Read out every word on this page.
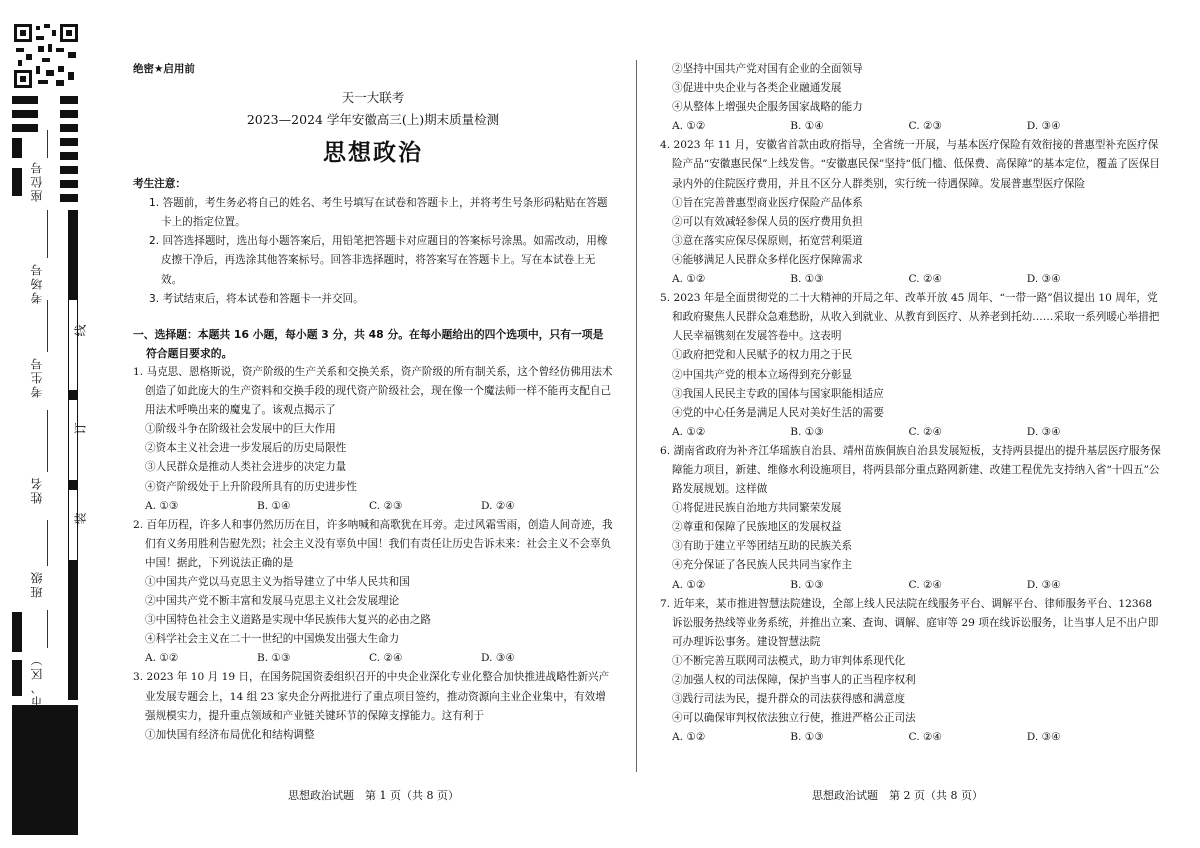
座位号
考场号
考生号
姓名
班级
县（市、区）
线
订
装

绝密★启用前

天一大联考

2023—2024 学年安徽高三(上)期末质量检测

思想政治

考生注意：

1. 答题前，考生务必将自己的姓名、考生号填写在试卷和答题卡上，并将考生号条形码粘贴在答题卡上的指定位置。

2. 回答选择题时，选出每小题答案后，用铅笔把答题卡对应题目的答案标号涂黑。如需改动，用橡皮擦干净后，再选涂其他答案标号。回答非选择题时，将答案写在答题卡上。写在本试卷上无效。

3. 考试结束后，将本试卷和答题卡一并交回。

一、选择题：本题共 16 小题，每小题 3 分，共 48 分。在每小题给出的四个选项中，只有一项是符合题目要求的。

1. 马克思、恩格斯说，资产阶级的生产关系和交换关系，资产阶级的所有制关系，这个曾经仿佛用法术创造了如此庞大的生产资料和交换手段的现代资产阶级社会，现在像一个魔法师一样不能再支配自己用法术呼唤出来的魔鬼了。该观点揭示了

①阶级斗争在阶级社会发展中的巨大作用

②资本主义社会进一步发展后的历史局限性

③人民群众是推动人类社会进步的决定力量

④资产阶级处于上升阶段所具有的历史进步性

A. ①③	B. ①④	C. ②③	D. ②④

2. 百年历程，许多人和事仍然历历在目，许多呐喊和高歌犹在耳旁。走过风霜雪雨，创造人间奇迹，我们有义务用胜利告慰先烈；社会主义没有辜负中国！我们有责任让历史告诉未来：社会主义不会辜负中国！据此，下列说法正确的是

①中国共产党以马克思主义为指导建立了中华人民共和国

②中国共产党不断丰富和发展马克思主义社会发展理论

③中国特色社会主义道路是实现中华民族伟大复兴的必由之路

④科学社会主义在二十一世纪的中国焕发出强大生命力

A. ①②	B. ①③	C. ②④	D. ③④

3. 2023 年 10 月 19 日，在国务院国资委组织召开的中央企业深化专业化整合加快推进战略性新兴产业发展专题会上，14 组 23 家央企分两批进行了重点项目签约，推动资源向主业企业集中，有效增强规模实力，提升重点领域和产业链关键环节的保障支撑能力。这有利于

①加快国有经济布局优化和结构调整

②坚持中国共产党对国有企业的全面领导

③促进中央企业与各类企业融通发展

④从整体上增强央企服务国家战略的能力

A. ①②	B. ①④	C. ②③	D. ③④

4. 2023 年 11 月，安徽省首款由政府指导，全省统一开展，与基本医疗保险有效衔接的普惠型补充医疗保险产品“安徽惠民保”上线发售。“安徽惠民保”坚持“低门槛、低保费、高保障”的基本定位，覆盖了医保目录内外的住院医疗费用，并且不区分人群类别，实行统一待遇保障。发展普惠型医疗保险

①旨在完善普惠型商业医疗保险产品体系

②可以有效减轻参保人员的医疗费用负担

③意在落实应保尽保原则，拓宽营利渠道

④能够满足人民群众多样化医疗保障需求

A. ①②	B. ①③	C. ②④	D. ③④

5. 2023 年是全面贯彻党的二十大精神的开局之年、改革开放 45 周年、“一带一路”倡议提出 10 周年，党和政府聚焦人民群众急难愁盼，从收入到就业、从教育到医疗、从养老到托幼……采取一系列暖心举措把人民幸福镌刻在发展答卷中。这表明

①政府把党和人民赋予的权力用之于民

②中国共产党的根本立场得到充分彰显

③我国人民民主专政的国体与国家职能相适应

④党的中心任务是满足人民对美好生活的需要

A. ①②	B. ①③	C. ②④	D. ③④

6. 湖南省政府为补齐江华瑶族自治县、靖州苗族侗族自治县发展短板，支持两县提出的提升基层医疗服务保障能力项目，新建、维修水利设施项目，将两县部分重点路网新建、改建工程优先支持纳入省“十四五”公路发展规划。这样做

①将促进民族自治地方共同繁荣发展

②尊重和保障了民族地区的发展权益

③有助于建立平等团结互助的民族关系

④充分保证了各民族人民共同当家作主

A. ①②	B. ①③	C. ②④	D. ③④

7. 近年来，某市推进智慧法院建设，全部上线人民法院在线服务平台、调解平台、律师服务平台、12368 诉讼服务热线等业务系统，并推出立案、查询、调解、庭审等 29 项在线诉讼服务，让当事人足不出户即可办理诉讼事务。建设智慧法院

①不断完善互联网司法模式，助力审判体系现代化

②加强人权的司法保障，保护当事人的正当程序权利

③践行司法为民，提升群众的司法获得感和满意度

④可以确保审判权依法独立行使，推进严格公正司法

A. ①②	B. ①③	C. ②④	D. ③④

思想政治试题　第 1 页（共 8 页）	思想政治试题　第 2 页（共 8 页）
